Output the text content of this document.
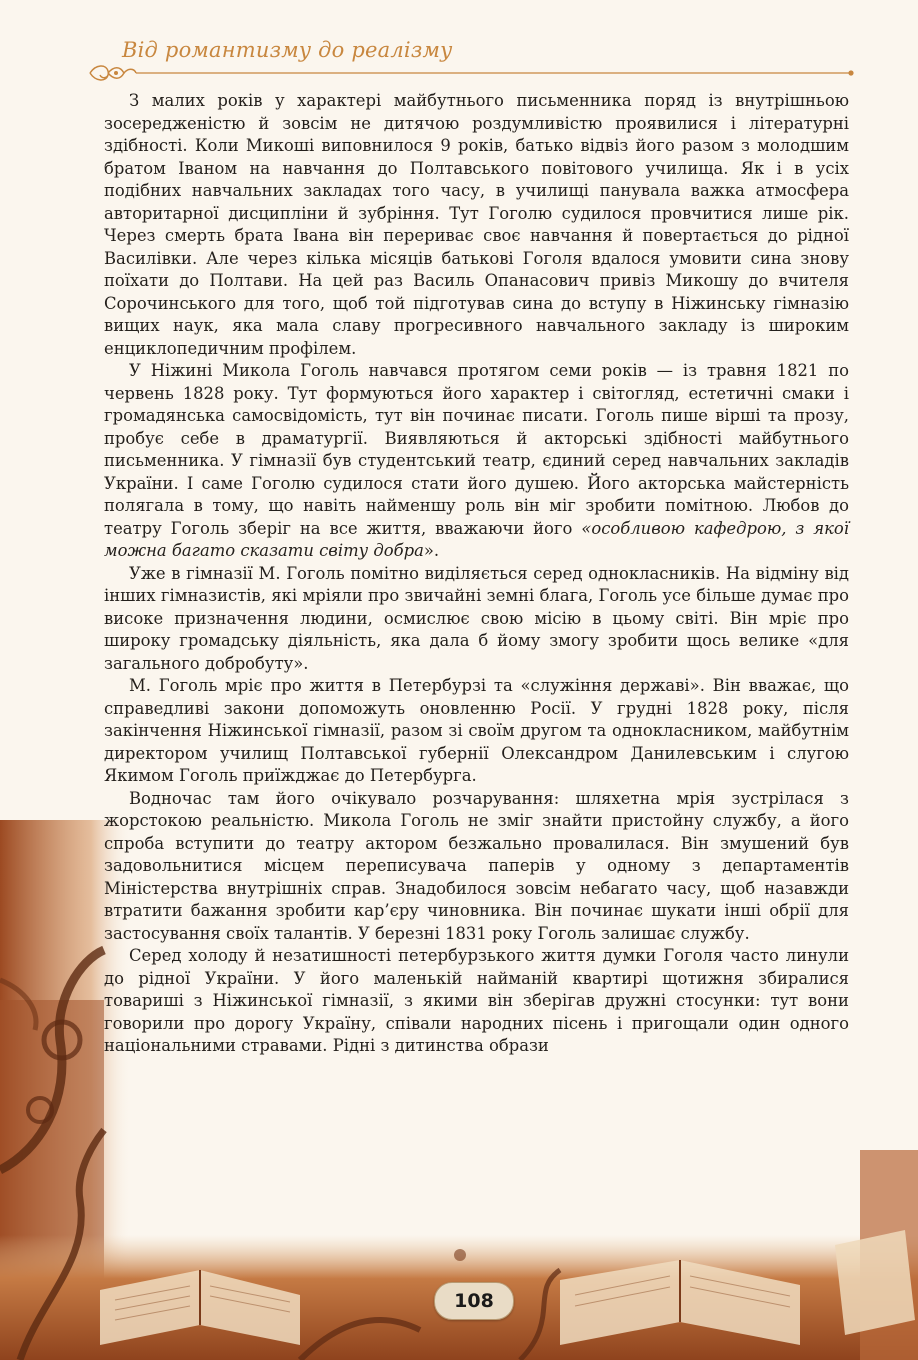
Від романтизму до реалізму

З малих років у характері майбутнього письменника поряд із внутрішньою зосередженістю й зовсім не дитячою роздумливістю проявилися і літературні здібності. Коли Микоші виповнилося 9 років, батько відвіз його разом з молодшим братом Іваном на навчання до Полтавського повітового училища. Як і в усіх подібних навчальних закладах того часу, в училищі панувала важка атмосфера авторитарної дисципліни й зубріння. Тут Гоголю судилося провчитися лише рік. Через смерть брата Івана він перериває своє навчання й повертається до рідної Василівки. Але через кілька місяців батькові Гоголя вдалося умовити сина знову поїхати до Полтави. На цей раз Василь Опанасович привіз Микошу до вчителя Сорочинського для того, щоб той підготував сина до вступу в Ніжинську гімназію вищих наук, яка мала славу прогресивного навчального закладу із широким енциклопедичним профілем.

У Ніжині Микола Гоголь навчався протягом семи років — із травня 1821 по червень 1828 року. Тут формуються його характер і світогляд, естетичні смаки і громадянська самосвідомість, тут він починає писати. Гоголь пише вірші та прозу, пробує себе в драматургії. Виявляються й акторські здібності майбутнього письменника. У гімназії був студентський театр, єдиний серед навчальних закладів України. І саме Гоголю судилося стати його душею. Його акторська майстерність полягала в тому, що навіть найменшу роль він міг зробити помітною. Любов до театру Гоголь зберіг на все життя, вважаючи його «особливою кафедрою, з якої можна багато сказати світу добра».

Уже в гімназії М. Гоголь помітно виділяється серед однокласників. На відміну від інших гімназистів, які мріяли про звичайні земні блага, Гоголь усе більше думає про високе призначення людини, осмислює свою місію в цьому світі. Він мріє про широку громадську діяльність, яка дала б йому змогу зробити щось велике «для загального добробуту».

М. Гоголь мріє про життя в Петербурзі та «служіння державі». Він вважає, що справедливі закони допоможуть оновленню Росії. У грудні 1828 року, після закінчення Ніжинської гімназії, разом зі своїм другом та однокласником, майбутнім директором училищ Полтавської губернії Олександром Данилевським і слугою Якимом Гоголь приїжджає до Петербурга.

Водночас там його очікувало розчарування: шляхетна мрія зустрілася з жорстокою реальністю. Микола Гоголь не зміг знайти пристойну службу, а його спроба вступити до театру актором безжально провалилася. Він змушений був задовольнитися місцем переписувача паперів у одному з департаментів Міністерства внутрішніх справ. Знадобилося зовсім небагато часу, щоб назавжди втратити бажання зробити кар’єру чиновника. Він починає шукати інші обрії для застосування своїх талантів. У березні 1831 року Гоголь залишає службу.

Серед холоду й незатишності петербурзького життя думки Гоголя часто линули до рідної України. У його маленькій найманій квартирі щотижня збиралися товариші з Ніжинської гімназії, з якими він зберігав дружні стосунки: тут вони говорили про дорогу Україну, співали народних пісень і пригощали один одного національними стравами. Рідні з дитинства образи

108
